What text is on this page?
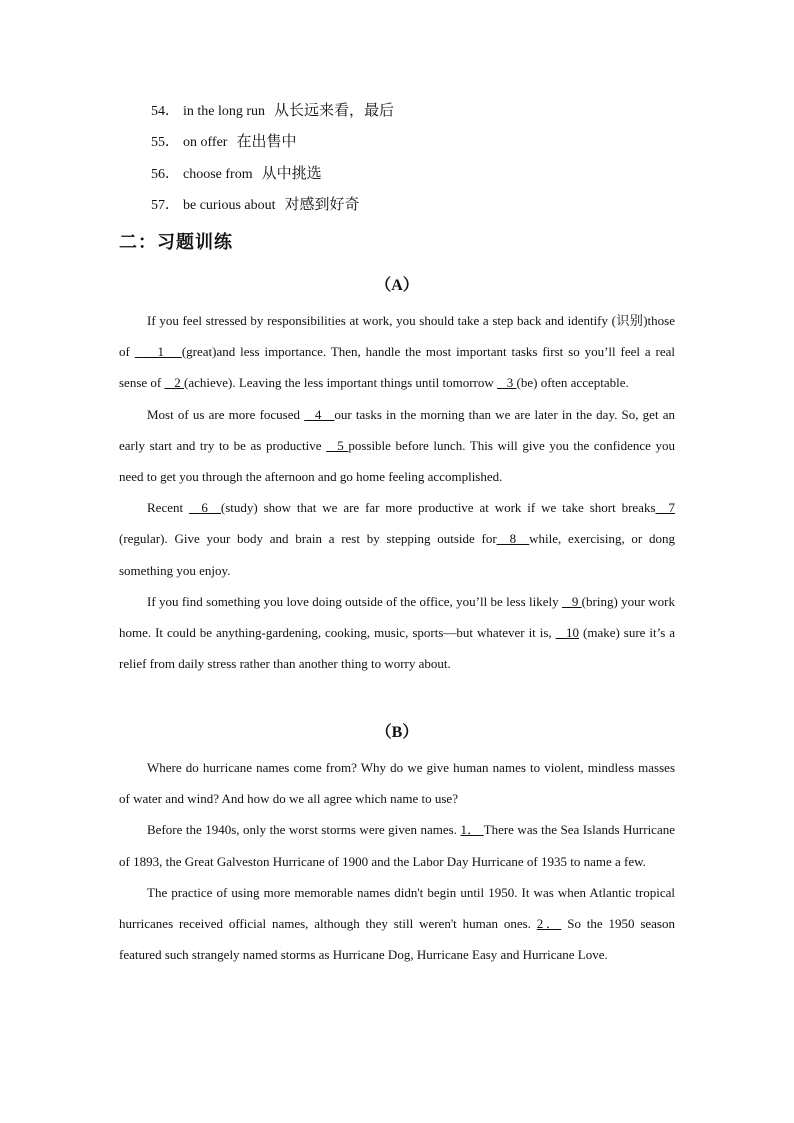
54． in the long run 从长远来看，最后
55． on offer 在出售中
56． choose from 从中挑选
57． be curious about 对感到好奇
二：习题训练
（A）

If you feel stressed by responsibilities at work, you should take a step back and identify (识别)those of   __1__ (great)and less importance. Then, handle the most important tasks first so you’ll feel a real sense of  _2 (achieve). Leaving the less important things until tomorrow  _3 (be) often acceptable.

Most of us are more focused  _4__our tasks in the morning than we are later in the day. So, get an early start and try to be as productive  _5 possible before lunch. This will give you the confidence you need to get you through the afternoon and go home feeling accomplished.

Recent  _6__(study) show that we are far more productive at work if we take short breaks__7 (regular). Give your body and brain a rest by stepping outside for__8__while, exercising, or dong something you enjoy.

If you find something you love doing outside of the office, you’ll be less likely  _9 (bring) your work home. It could be anything-gardening, cooking, music, sports—but whatever it is,  _10 (make) sure it’s a relief from daily stress rather than another thing to worry about.

（B）

Where do hurricane names come from? Why do we give human names to violent, mindless masses of water and wind? And how do we all agree which name to use?

Before the 1940s, only the worst storms were given names. 1． There was the Sea Islands Hurricane of 1893, the Great Galveston Hurricane of 1900 and the Labor Day Hurricane of 1935 to name a few.

The practice of using more memorable names didn't begin until 1950. It was when Atlantic tropical hurricanes received official names, although they still weren't human ones. 2． So the 1950 season featured such strangely named storms as Hurricane Dog, Hurricane Easy and Hurricane Love.
